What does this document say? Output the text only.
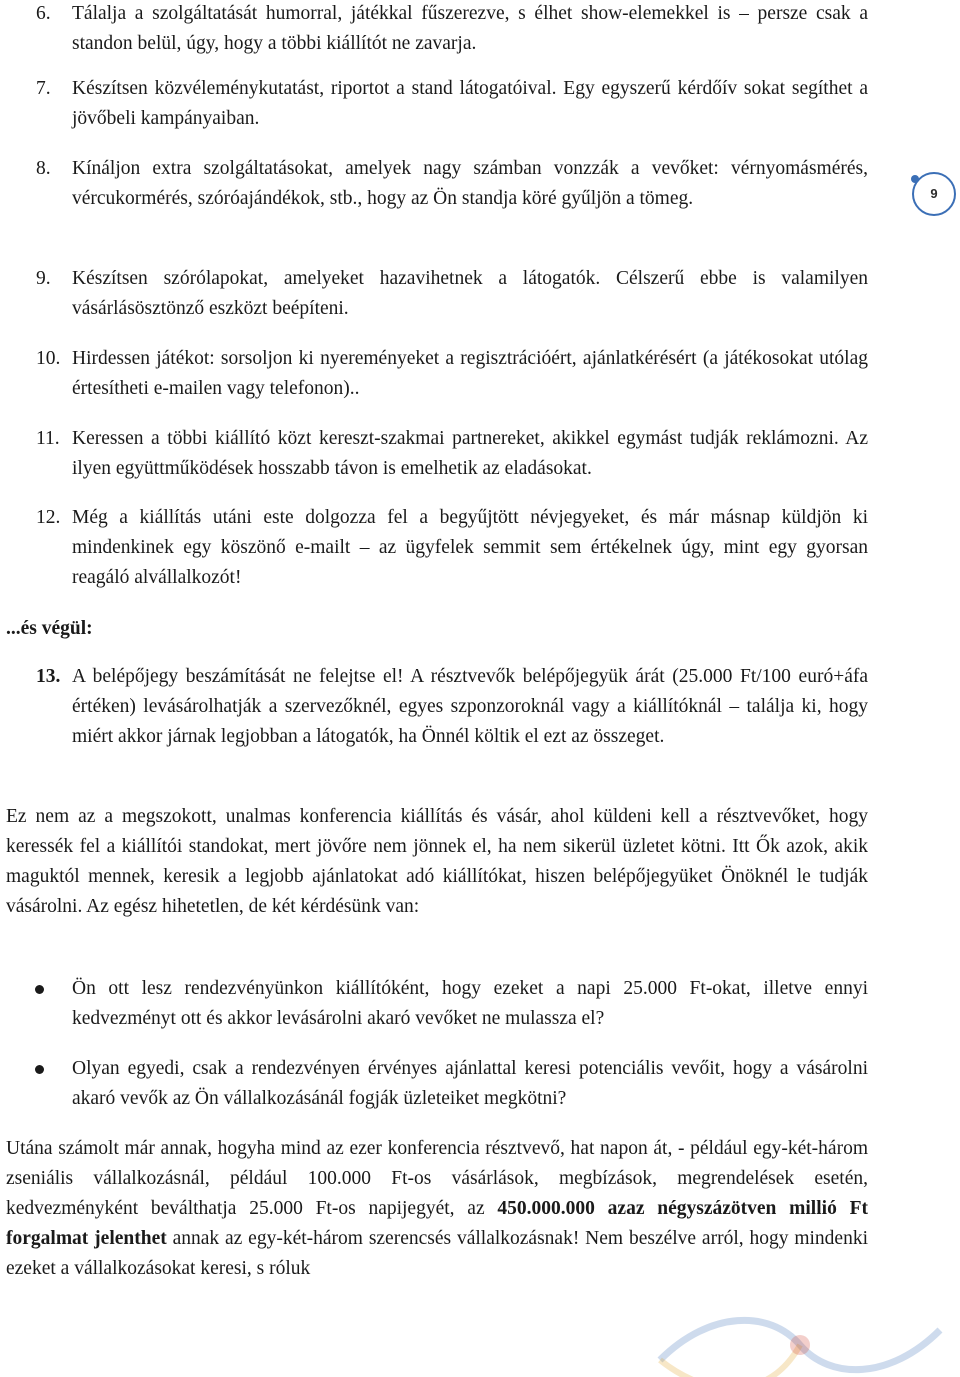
6.	Tálalja a szolgáltatását humorral, játékkal fűszerezve, s élhet show-elemekkel is – persze csak a standon belül, úgy, hogy a többi kiállítót ne zavarja.
7.	Készítsen közvéleménykutatást, riportot a stand látogatóival. Egy egyszerű kérdőív sokat segíthet a jövőbeli kampányaiban.
8.	Kínáljon extra szolgáltatásokat, amelyek nagy számban vonzzák a vevőket: vérnyomásmérés, vércukormérés, szóróajándékok, stb., hogy az Ön standja köré gyűljön a tömeg.
9.	Készítsen szórólapokat, amelyeket hazavihetnek a látogatók. Célszerű ebbe is valamilyen vásárlásösztönző eszközt beépíteni.
10. Hirdessen játékot: sorsoljon ki nyereményeket a regisztrációért, ajánlatkérésért (a játékosokat utólag értesítheti e-mailen vagy telefonon)..
11. Keressen a többi kiállító közt kereszt-szakmai partnereket, akikkel egymást tudják reklámozni. Az ilyen együttműködések hosszabb távon is emelhetik az eladásokat.
12. Még a kiállítás utáni este dolgozza fel a begyűjtött névjegyeket, és már másnap küldjön ki mindenkinek egy köszönő e-mailt – az ügyfelek semmit sem értékelnek úgy, mint egy gyorsan reagáló alvállalkozót!
...és végül:
13. A belépőjegy beszámítását ne felejtse el! A résztvevők belépőjegyük árát (25.000 Ft/100 euró+áfa értéken) levásárolhatják a szervezőknél, egyes szponzoroknál vagy a kiállítóknál – találja ki, hogy miért akkor járnak legjobban a látogatók, ha Önnél költik el ezt az összeget.
Ez nem az a megszokott, unalmas konferencia kiállítás és vásár, ahol küldeni kell a résztvevőket, hogy keressék fel a kiállítói standokat, mert jövőre nem jönnek el, ha nem sikerül üzletet kötni. Itt Ők azok, akik maguktól mennek, keresik a legjobb ajánlatokat adó kiállítókat, hiszen belépőjegyüket Önöknél le tudják vásárolni. Az egész hihetetlen, de két kérdésünk van:
Ön ott lesz rendezvényünkon kiállítóként, hogy ezeket a napi 25.000 Ft-okat, illetve ennyi kedvezményt ott és akkor levásárolni akaró vevőket ne mulassza el?
Olyan egyedi, csak a rendezvényen érvényes ajánlattal keresi potenciális vevőit, hogy a vásárolni akaró vevők az Ön vállalkozásánál fogják üzleteiket megkötni?
Utána számolt már annak, hogyha mind az ezer konferencia résztvevő, hat napon át, - például egy-két-három zseniális vállalkozásnál, például 100.000 Ft-os vásárlások, megbízások, megrendelések esetén, kedvezményként beválthatja 25.000 Ft-os napijegyét, az 450.000.000 azaz négyszázötven millió Ft forgalmat jelenthet annak az egy-két-három szerencsés vállalkozásnak! Nem beszélve arról, hogy mindenki ezeket a vállalkozásokat keresi, s róluk
9
